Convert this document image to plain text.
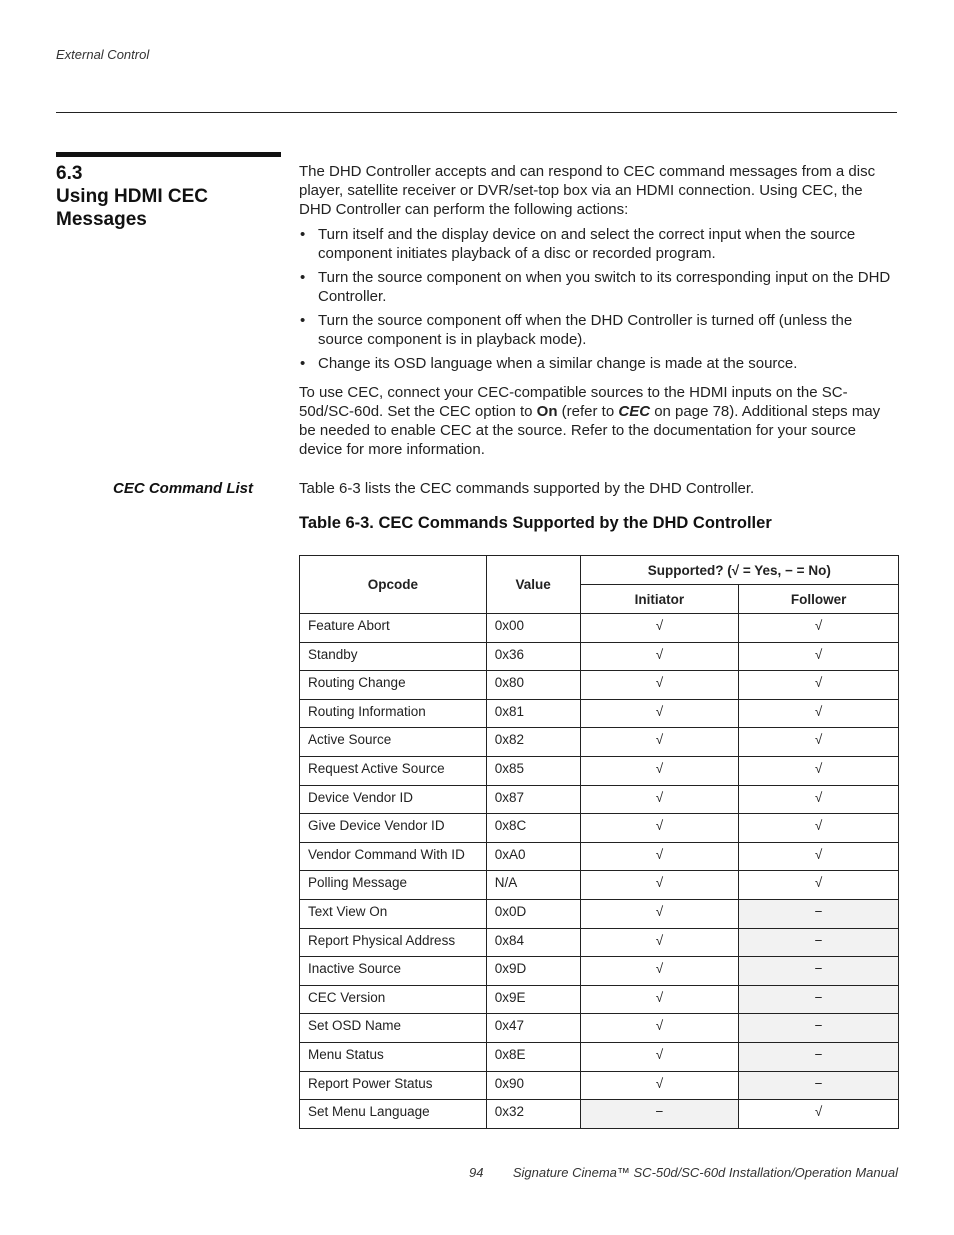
External Control
6.3
Using HDMI CEC
Messages

The DHD Controller accepts and can respond to CEC command messages from a disc player, satellite receiver or DVR/set-top box via an HDMI connection. Using CEC, the DHD Controller can perform the following actions:

• Turn itself and the display device on and select the correct input when the source component initiates playback of a disc or recorded program.
• Turn the source component on when you switch to its corresponding input on the DHD Controller.
• Turn the source component off when the DHD Controller is turned off (unless the source component is in playback mode).
• Change its OSD language when a similar change is made at the source.

To use CEC, connect your CEC-compatible sources to the HDMI inputs on the SC-50d/SC-60d. Set the CEC option to On (refer to CEC on page 78). Additional steps may be needed to enable CEC at the source. Refer to the documentation for your source device for more information.

CEC Command List	Table 6-3 lists the CEC commands supported by the DHD Controller.
Table 6-3. CEC Commands Supported by the DHD Controller
Opcode	Value	Supported? (√ = Yes, − = No)	
		Initiator	Follower
Feature Abort	0x00	√	√
Standby	0x36	√	√
Routing Change	0x80	√	√
Routing Information	0x81	√	√
Active Source	0x82	√	√
Request Active Source	0x85	√	√
Device Vendor ID	0x87	√	√
Give Device Vendor ID	0x8C	√	√
Vendor Command With ID	0xA0	√	√
Polling Message	N/A	√	√
Text View On	0x0D	√	−
Report Physical Address	0x84	√	−
Inactive Source	0x9D	√	−
CEC Version	0x9E	√	−
Set OSD Name	0x47	√	−
Menu Status	0x8E	√	−
Report Power Status	0x90	√	−
Set Menu Language	0x32	−	√
94 Signature Cinema™ SC-50d/SC-60d Installation/Operation Manual
